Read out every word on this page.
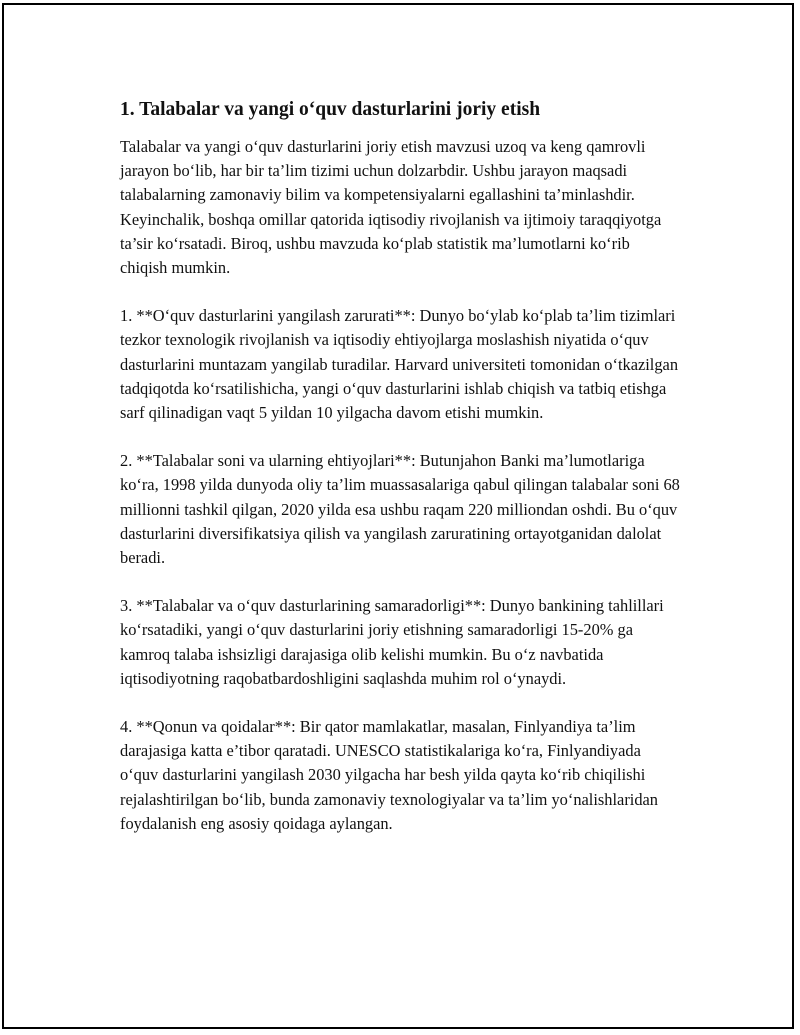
1. Talabalar va yangi o‘quv dasturlarini joriy etish

Talabalar va yangi o‘quv dasturlarini joriy etish mavzusi uzoq va keng qamrovli jarayon bo‘lib, har bir ta’lim tizimi uchun dolzarbdir. Ushbu jarayon maqsadi talabalarning zamonaviy bilim va kompetensiyalarni egallashini ta’minlashdir. Keyinchalik, boshqa omillar qatorida iqtisodiy rivojlanish va ijtimoiy taraqqiyotga ta’sir ko‘rsatadi. Biroq, ushbu mavzuda ko‘plab statistik ma’lumotlarni ko‘rib chiqish mumkin.

1. **O‘quv dasturlarini yangilash zarurati**: Dunyo bo‘ylab ko‘plab ta’lim tizimlari tezkor texnologik rivojlanish va iqtisodiy ehtiyojlarga moslashish niyatida o‘quv dasturlarini muntazam yangilab turadilar. Harvard universiteti tomonidan o‘tkazilgan tadqiqotda ko‘rsatilishicha, yangi o‘quv dasturlarini ishlab chiqish va tatbiq etishga sarf qilinadigan vaqt 5 yildan 10 yilgacha davom etishi mumkin.

2. **Talabalar soni va ularning ehtiyojlari**: Butunjahon Banki ma’lumotlariga ko‘ra, 1998 yilda dunyoda oliy ta’lim muassasalariga qabul qilingan talabalar soni 68 millionni tashkil qilgan, 2020 yilda esa ushbu raqam 220 milliondan oshdi. Bu o‘quv dasturlarini diversifikatsiya qilish va yangilash zaruratining ortayotganidan dalolat beradi.

3. **Talabalar va o‘quv dasturlarining samaradorligi**: Dunyo bankining tahlillari ko‘rsatadiki, yangi o‘quv dasturlarini joriy etishning samaradorligi 15-20% ga kamroq talaba ishsizligi darajasiga olib kelishi mumkin. Bu o‘z navbatida iqtisodiyotning raqobatbardoshligini saqlashda muhim rol o‘ynaydi.

4. **Qonun va qoidalar**: Bir qator mamlakatlar, masalan, Finlyandiya ta’lim darajasiga katta e’tibor qaratadi. UNESCO statistikalariga ko‘ra, Finlyandiyada o‘quv dasturlarini yangilash 2030 yilgacha har besh yilda qayta ko‘rib chiqilishi rejalashtirilgan bo‘lib, bunda zamonaviy texnologiyalar va ta’lim yo‘nalishlaridan foydalanish eng asosiy qoidaga aylangan.
